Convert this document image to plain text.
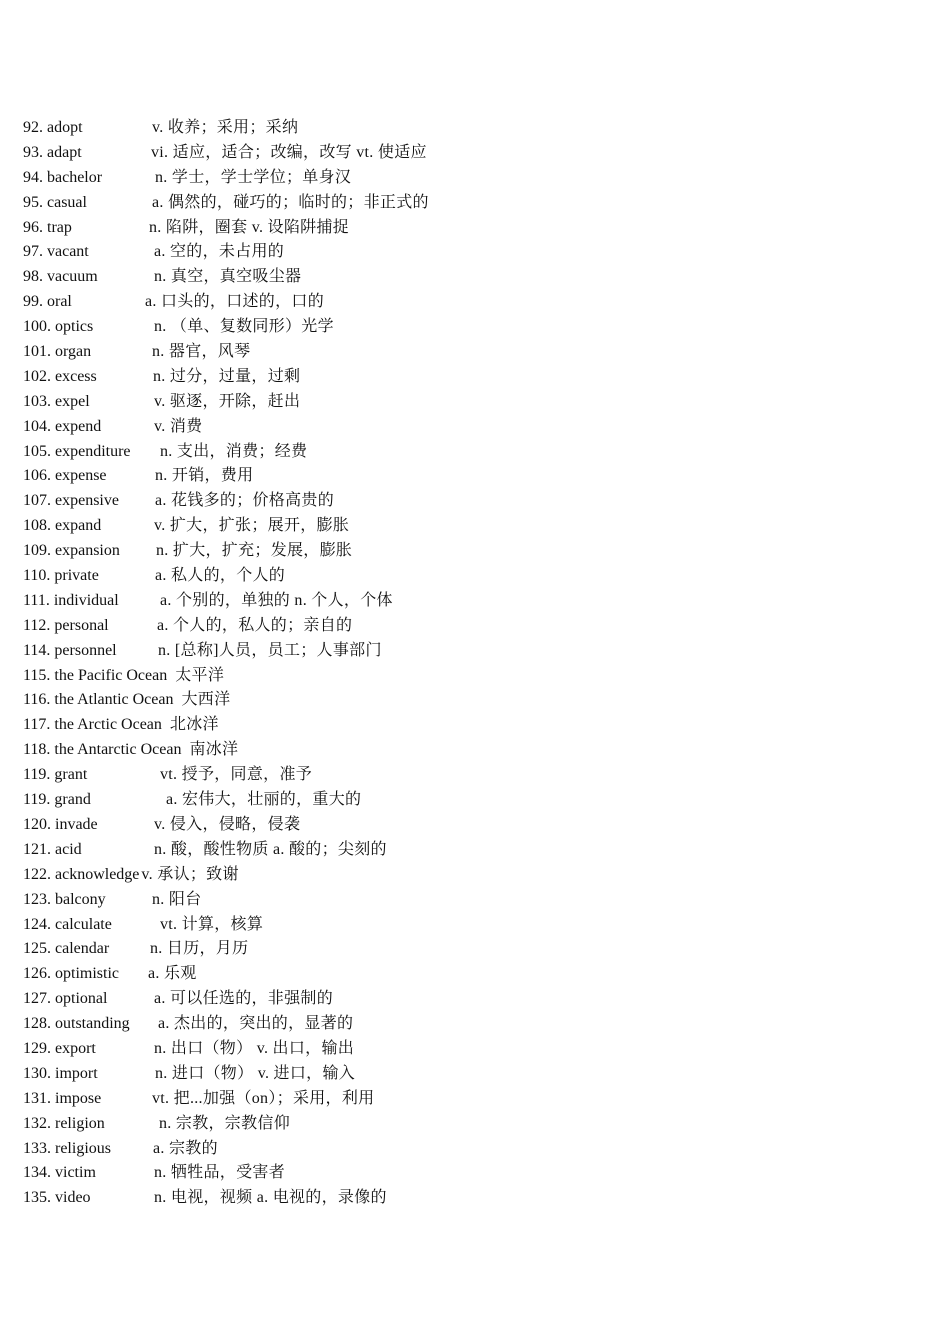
92. adopt	v. 收养；采用；采纳
93. adapt	vi. 适应，适合；改编，改写 vt. 使适应
94. bachelor	n. 学士，学士学位；单身汉
95. casual	a. 偶然的，碰巧的；临时的；非正式的
96. trap	n. 陷阱，圈套 v. 设陷阱捕捉
97. vacant	a. 空的，未占用的
98. vacuum	n. 真空，真空吸尘器
99. oral	a. 口头的，口述的，口的
100. optics	n. （单、复数同形）光学
101. organ	n. 器官，风琴
102. excess	n. 过分，过量，过剩
103. expel	v. 驱逐，开除，赶出
104. expend	v. 消费
105. expenditure n. 支出，消费；经费
106. expense	n. 开销，费用
107. expensive a. 花钱多的；价格高贵的
108. expand	v. 扩大，扩张；展开，膨胀
109. expansion n. 扩大，扩充；发展，膨胀
110. private	a. 私人的，个人的
111. individual	a. 个别的，单独的 n. 个人，个体
112. personal	a. 个人的，私人的；亲自的
114. personnel	n. [总称]人员，员工；人事部门
115. the Pacific Ocean 太平洋
116. the Atlantic Ocean 大西洋
117. the Arctic Ocean 北冰洋
118. the Antarctic Ocean 南冰洋
119. grant	vt. 授予，同意，准予
119. grand	a. 宏伟大，壮丽的，重大的
120. invade	v. 侵入，侵略，侵袭
121. acid	n. 酸，酸性物质 a. 酸的；尖刻的
122. acknowledge v. 承认；致谢
123. balcony	n. 阳台
124. calculate	vt. 计算，核算
125. calendar	n. 日历，月历
126. optimistic a. 乐观
127. optional	a. 可以任选的，非强制的
128. outstanding a. 杰出的，突出的，显著的
129. export	n. 出口（物） v. 出口，输出
130. import	n. 进口（物） v. 进口，输入
131. impose	vt. 把...加强（on）；采用，利用
132. religion	n. 宗教，宗教信仰
133. religious	a. 宗教的
134. victim	n. 牺牲品，受害者
135. video	n. 电视，视频 a. 电视的，录像的
